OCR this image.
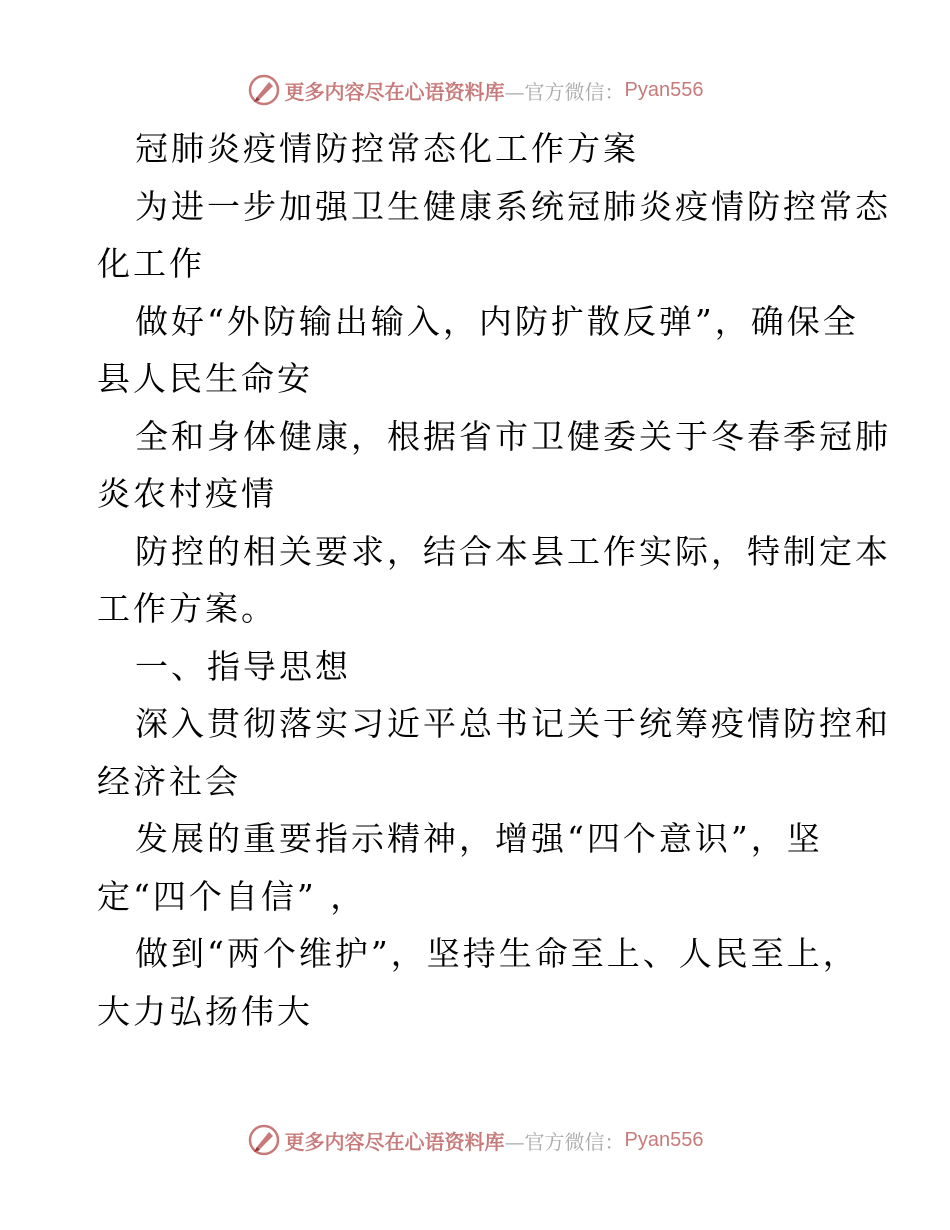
更多内容尽在心语资料库 —官方微信： Pyan556
冠肺炎疫情防控常态化工作方案
为进一步加强卫生健康系统冠肺炎疫情防控常态
化工作
做好“外防输出输入，内防扩散反弹”，确保全
县人民生命安
全和身体健康，根据省市卫健委关于冬春季冠肺
炎农村疫情
防控的相关要求，结合本县工作实际，特制定本
工作方案。
一、指导思想
深入贯彻落实习近平总书记关于统筹疫情防控和
经济社会
发展的重要指示精神，增强“四个意识”，坚
定“四个自信” ，
做到“两个维护”，坚持生命至上、人民至上，
大力弘扬伟大
更多内容尽在心语资料库 —官方微信： Pyan556
